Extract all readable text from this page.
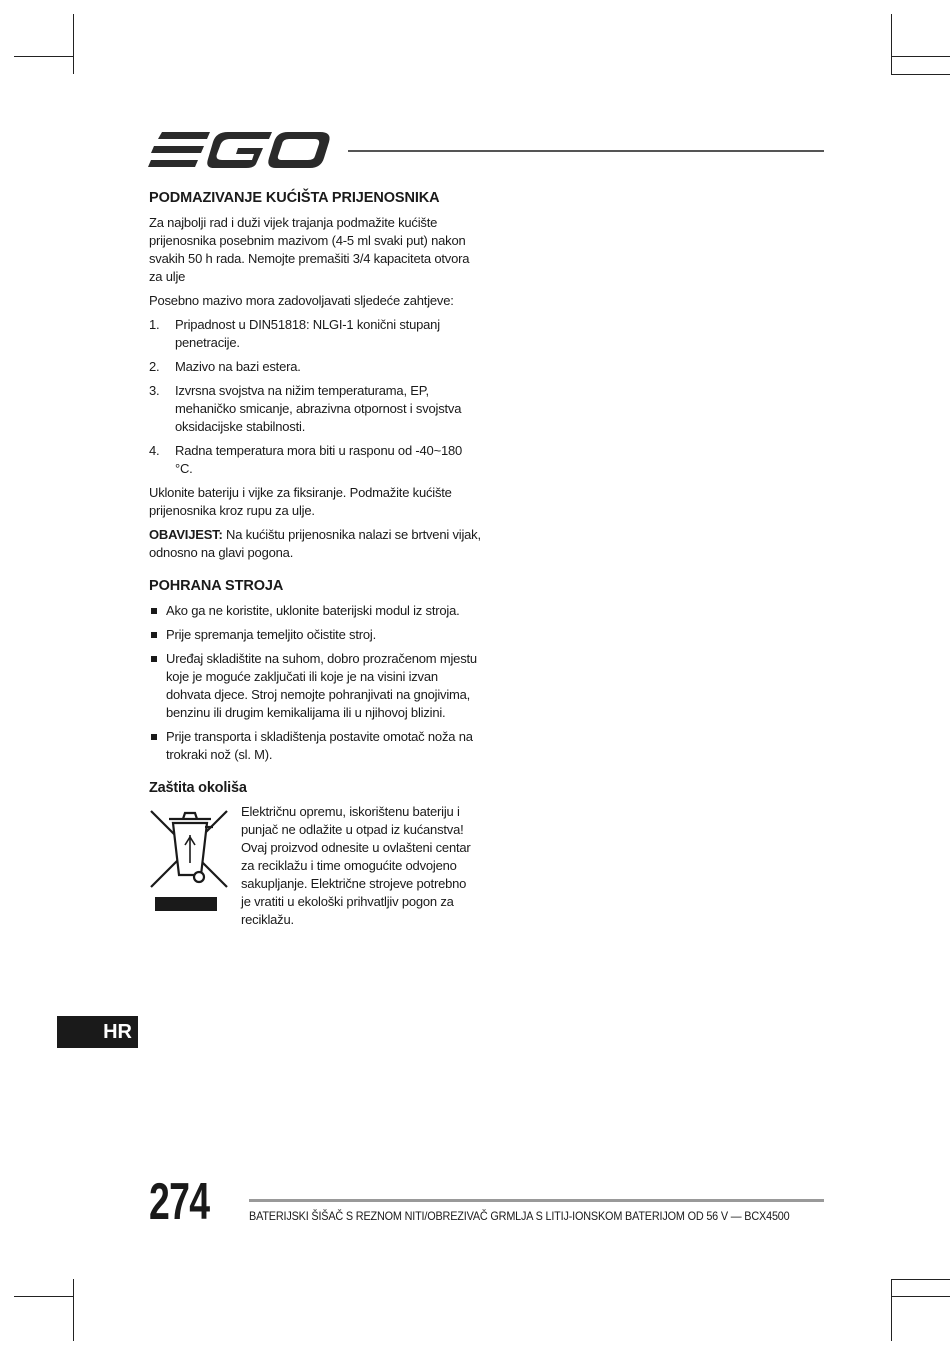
PODMAZIVANJE KUĆIŠTA PRIJENOSNIKA

Za najbolji rad i duži vijek trajanja podmažite kućište prijenosnika posebnim mazivom (4-5 ml svaki put) nakon svakih 50 h rada. Nemojte premašiti 3/4 kapaciteta otvora za ulje

Posebno mazivo mora zadovoljavati sljedeće zahtjeve:

1. Pripadnost u DIN51818: NLGI-1 konični stupanj penetracije.
2. Mazivo na bazi estera.
3. Izvrsna svojstva na nižim temperaturama, EP, mehaničko smicanje, abrazivna otpornost i svojstva oksidacijske stabilnosti.
4. Radna temperatura mora biti u rasponu od -40~180 °C.

Uklonite bateriju i vijke za fiksiranje. Podmažite kućište prijenosnika kroz rupu za ulje.

OBAVIJEST: Na kućištu prijenosnika nalazi se brtveni vijak, odnosno na glavi pogona.

POHRANA STROJA
Ako ga ne koristite, uklonite baterijski modul iz stroja.
Prije spremanja temeljito očistite stroj.
Uređaj skladištite na suhom, dobro prozračenom mjestu koje je moguće zaključati ili koje je na visini izvan dohvata djece. Stroj nemojte pohranjivati na gnojivima, benzinu ili drugim kemikalijama ili u njihovoj blizini.
Prije transporta i skladištenja postavite omotač noža na trokraki nož (sl. M).
Zaštita okoliša
Električnu opremu, iskorištenu bateriju i punjač ne odlažite u otpad iz kućanstva! Ovaj proizvod odnesite u ovlašteni centar za reciklažu i time omogućite odvojeno sakupljanje. Električne strojeve potrebno je vratiti u ekološki prihvatljiv pogon za reciklažu.
HR
274	BATERIJSKI ŠIŠAČ S REZNOM NITI/OBREZIVAČ GRMLJA S LITIJ-IONSKOM BATERIJOM OD 56 V — BCX4500
